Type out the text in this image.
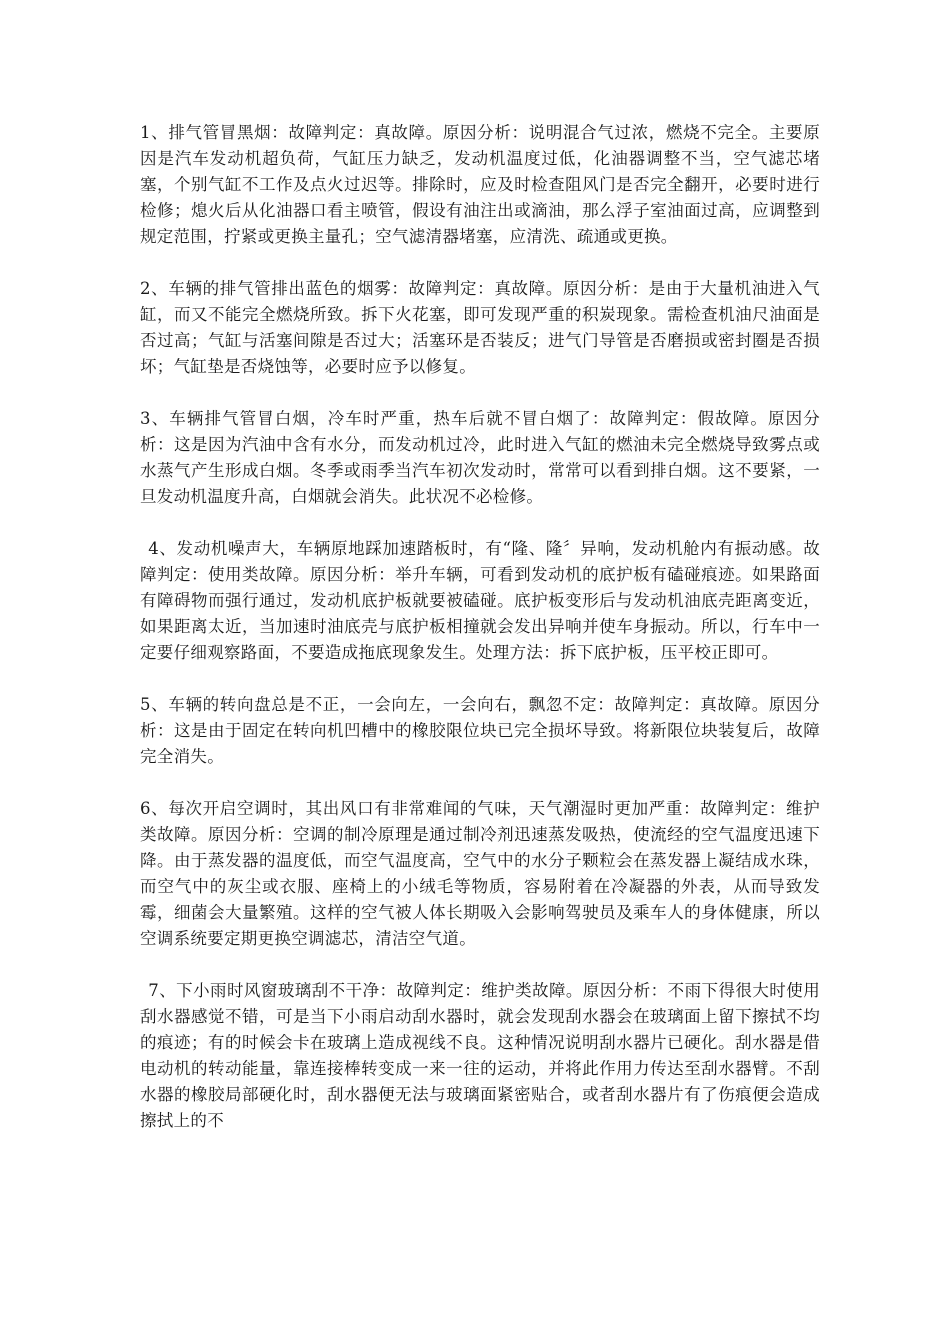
1、排气管冒黑烟：故障判定：真故障。原因分析：说明混合气过浓，燃烧不完全。主要原因是汽车发动机超负荷，气缸压力缺乏，发动机温度过低，化油器调整不当，空气滤芯堵塞，个别气缸不工作及点火过迟等。排除时，应及时检查阻风门是否完全翻开，必要时进行检修；熄火后从化油器口看主喷管，假设有油注出或滴油，那么浮子室油面过高，应调整到规定范围，拧紧或更换主量孔；空气滤清器堵塞，应清洗、疏通或更换。

2、车辆的排气管排出蓝色的烟雾：故障判定：真故障。原因分析：是由于大量机油进入气缸，而又不能完全燃烧所致。拆下火花塞，即可发现严重的积炭现象。需检查机油尺油面是否过高；气缸与活塞间隙是否过大；活塞环是否装反；进气门导管是否磨损或密封圈是否损坏；气缸垫是否烧蚀等，必要时应予以修复。

3、车辆排气管冒白烟，冷车时严重，热车后就不冒白烟了：故障判定：假故障。原因分析：这是因为汽油中含有水分，而发动机过冷，此时进入气缸的燃油未完全燃烧导致雾点或水蒸气产生形成白烟。冬季或雨季当汽车初次发动时，常常可以看到排白烟。这不要紧，一旦发动机温度升高，白烟就会消失。此状况不必检修。

4、发动机噪声大，车辆原地踩加速踏板时，有“隆、隆〞异响，发动机舱内有振动感。故障判定：使用类故障。原因分析：举升车辆，可看到发动机的底护板有磕碰痕迹。如果路面有障碍物而强行通过，发动机底护板就要被磕碰。底护板变形后与发动机油底壳距离变近，如果距离太近，当加速时油底壳与底护板相撞就会发出异响并使车身振动。所以，行车中一定要仔细观察路面，不要造成拖底现象发生。处理方法：拆下底护板，压平校正即可。

5、车辆的转向盘总是不正，一会向左，一会向右，飘忽不定：故障判定：真故障。原因分析：这是由于固定在转向机凹槽中的橡胶限位块已完全损坏导致。将新限位块装复后，故障完全消失。

6、每次开启空调时，其出风口有非常难闻的气味，天气潮湿时更加严重：故障判定：维护类故障。原因分析：空调的制冷原理是通过制冷剂迅速蒸发吸热，使流经的空气温度迅速下降。由于蒸发器的温度低，而空气温度高，空气中的水分子颗粒会在蒸发器上凝结成水珠，而空气中的灰尘或衣服、座椅上的小绒毛等物质，容易附着在冷凝器的外表，从而导致发霉，细菌会大量繁殖。这样的空气被人体长期吸入会影响驾驶员及乘车人的身体健康，所以空调系统要定期更换空调滤芯，清洁空气道。

7、下小雨时风窗玻璃刮不干净：故障判定：维护类故障。原因分析：不雨下得很大时使用刮水器感觉不错，可是当下小雨启动刮水器时，就会发现刮水器会在玻璃面上留下擦拭不均的痕迹；有的时候会卡在玻璃上造成视线不良。这种情况说明刮水器片已硬化。刮水器是借电动机的转动能量，靠连接棒转变成一来一往的运动，并将此作用力传达至刮水器臂。不刮水器的橡胶局部硬化时，刮水器便无法与玻璃面紧密贴合，或者刮水器片有了伤痕便会造成擦拭上的不
